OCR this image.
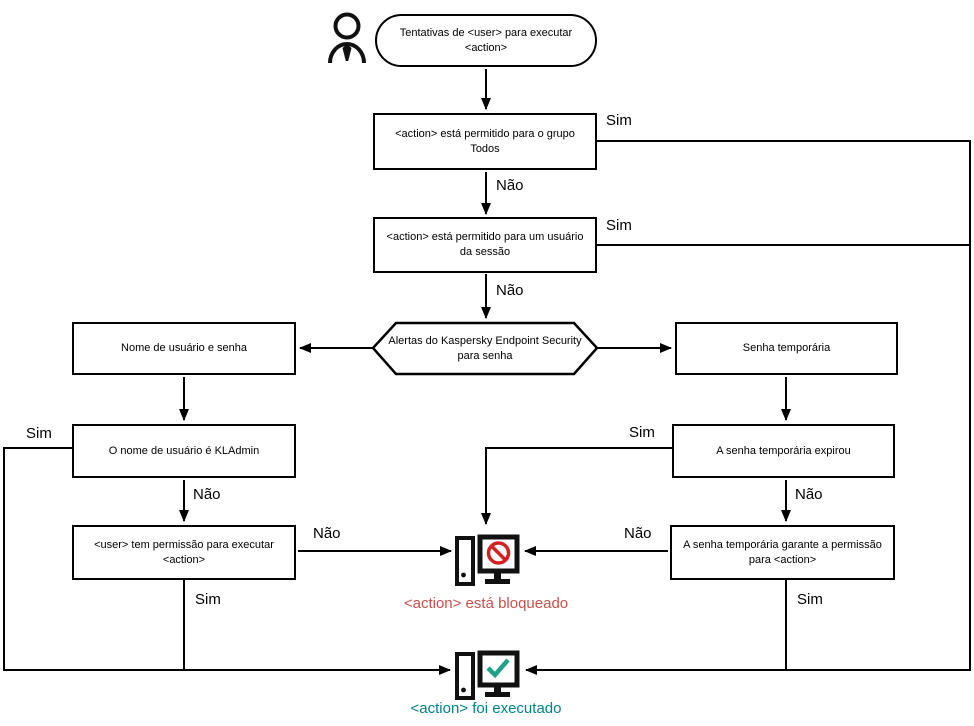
Tentativas de <user> para executar <action>
<action> está permitido para o grupo Todos
<action> está permitido para um usuário da sessão
Alertas do Kaspersky Endpoint Security para senha
Nome de usuário e senha	Senha temporária
O nome de usuário é KLAdmin	A senha temporária expirou
<user> tem permissão para executar <action>
A senha temporária garante a permissão para <action>
Sim
Não
Sim
Não
Sim
Não
Não
Sim
Sim
Não
Não
Sim
<action> está bloqueado
<action> foi executado
